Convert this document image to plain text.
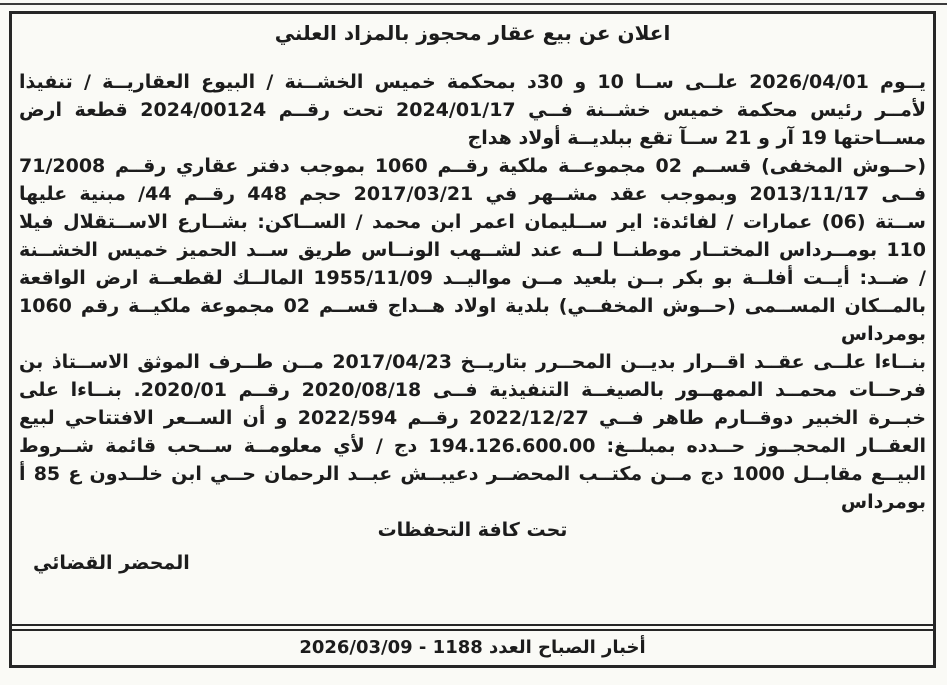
اعلان عن بيع عقار محجوز بالمزاد العلني
يــوم 2026/04/01 علــى ســا 10 و 30د بمحكمة خميس الخشــنة / البيوع العقاريــة / تنفيذا
لأمــر رئيس محكمة خميس خشــنة فــي 2024/01/17 تحت رقــم 2024/00124 قطعة ارض
مســاحتها 19 آر و 21 ســآ تقع ببلديــة أولاد هداج
(حــوش المخفى) قســم 02 مجموعــة ملكية رقــم 1060 بموجب دفتر عقاري رقــم 71/2008
فــى 2013/11/17 وبموجب عقد مشــهر في 2017/03/21 حجم 448 رقــم 44/ مبنية عليها
ســتة (06) عمارات / لفائدة: اير ســليمان اعمر ابن محمد / الســاكن: بشــارع الاســتقلال فيلا
110 بومــرداس المختــار موطنــا لــه عند لشــهب الونــاس طريق ســد الحميز خميس الخشــنة
/ ضــد: أيــت أفلــة بو بكر بــن بلعيد مــن مواليــد 1955/11/09 المالــك لقطعــة ارض الواقعة
بالمــكان المســمى (حــوش المخفــي) بلدية اولاد هــداج قســم 02 مجموعة ملكيــة رقم 1060
بومرداس
بنــاءا علــى عقــد اقــرار بديــن المحــرر بتاريــخ 2017/04/23 مــن طــرف الموثق الاســتاذ بن
فرحــات محمــد الممهــور بالصيغــة التنفيذية فــى 2020/08/18 رقــم 2020/01. بنــاءا على
خبــرة الخبير دوقــارم طاهر فــي 2022/12/27 رقــم 2022/594 و أن الســعر الافتتاحي لبيع
العقــار المحجــوز حــدده بمبلــغ: 194.126.600.00 دج / لأي معلومــة ســحب قائمة شــروط
البيــع مقابــل 1000 دج مــن مكتــب المحضــر دعيبــش عبــد الرحمان حــي ابن خلــدون ع 85 أ
بومرداس
تحت كافة التحفظات
المحضر القضائي
أخبار الصباح العدد 1188 - 2026/03/09
